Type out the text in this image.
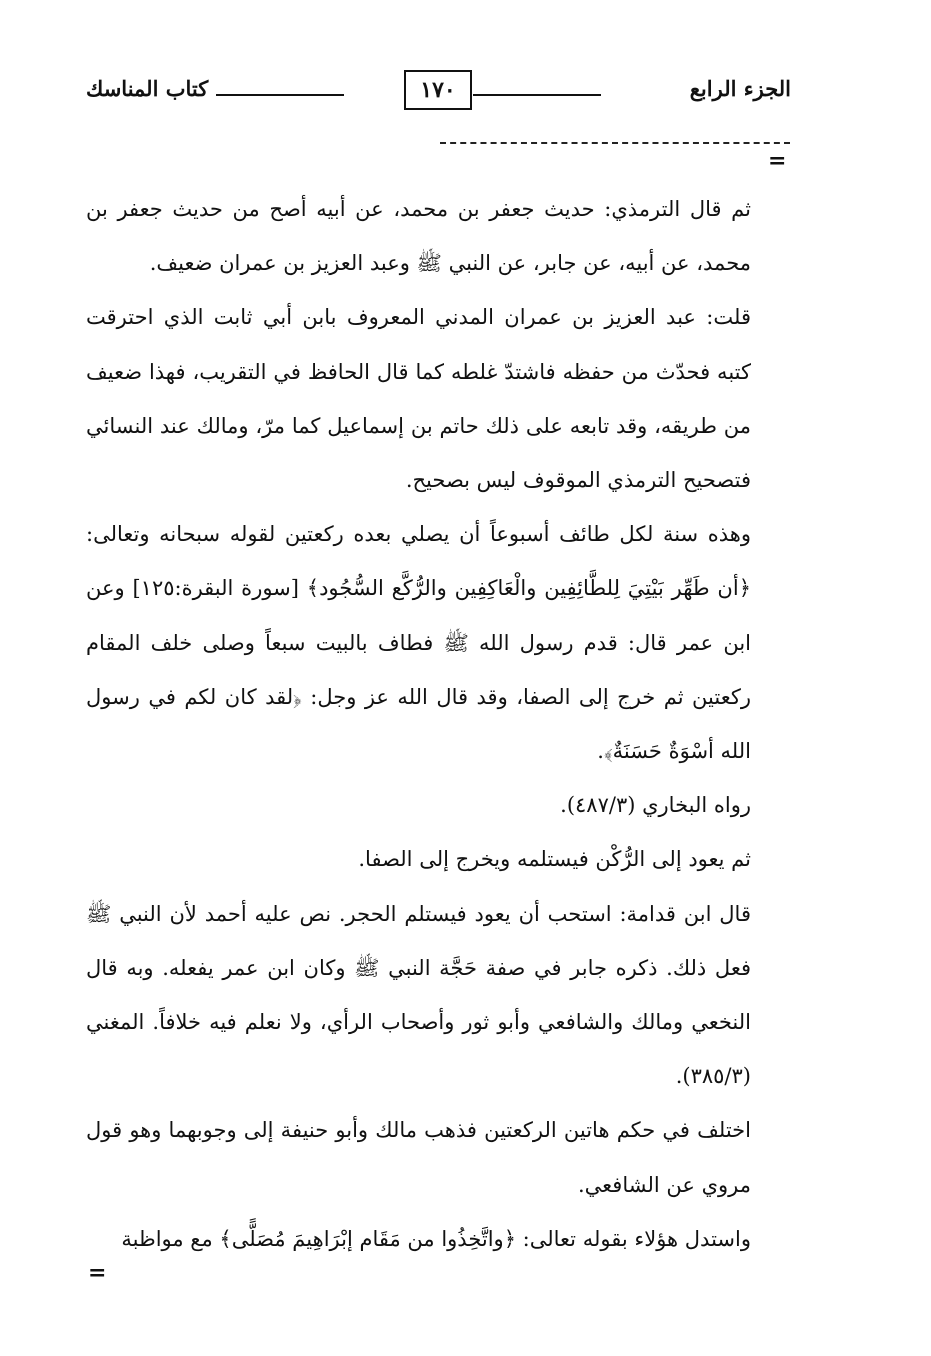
الجزء الرابع
١٧٠
كتاب المناسك
=

ثم قال الترمذي: حديث جعفر بن محمد، عن أبيه أصح من حديث جعفر بن محمد، عن أبيه، عن جابر، عن النبي ﷺ وعبد العزيز بن عمران ضعيف.

قلت: عبد العزيز بن عمران المدني المعروف بابن أبي ثابت الذي احترقت كتبه فحدّث من حفظه فاشتدّ غلطه كما قال الحافظ في التقريب، فهذا ضعيف من طريقه، وقد تابعه على ذلك حاتم بن إسماعيل كما مرّ، ومالك عند النسائي فتصحيح الترمذي الموقوف ليس بصحيح.

وهذه سنة لكل طائف أسبوعاً أن يصلي بعده ركعتين لقوله سبحانه وتعالى: ﴿أن طَهِّر بَيْتِيَ لِلطَّائِفِين والْعَاكِفِين والرُّكَّع السُّجُود﴾ [سورة البقرة:١٢٥] وعن ابن عمر قال: قدم رسول الله ﷺ فطاف بالبيت سبعاً وصلى خلف المقام ركعتين ثم خرج إلى الصفا، وقد قال الله عز وجل: ﴿لقد كان لكم في رسول الله أسْوَةٌ حَسَنَةٌ﴾.

رواه البخاري (٤٨٧/٣).

ثم يعود إلى الرُّكْن فيستلمه ويخرج إلى الصفا.

قال ابن قدامة: استحب أن يعود فيستلم الحجر. نص عليه أحمد لأن النبي ﷺ فعل ذلك. ذكره جابر في صفة حَجَّة النبي ﷺ وكان ابن عمر يفعله. وبه قال النخعي ومالك والشافعي وأبو ثور وأصحاب الرأي، ولا نعلم فيه خلافاً. المغني (٣٨٥/٣).

اختلف في حكم هاتين الركعتين فذهب مالك وأبو حنيفة إلى وجوبهما وهو قول مروي عن الشافعي.

واستدل هؤلاء بقوله تعالى: ﴿واتَّخِذُوا من مَقَام إبْرَاهِيمَ مُصَلًّى﴾ مع مواظبة

=
